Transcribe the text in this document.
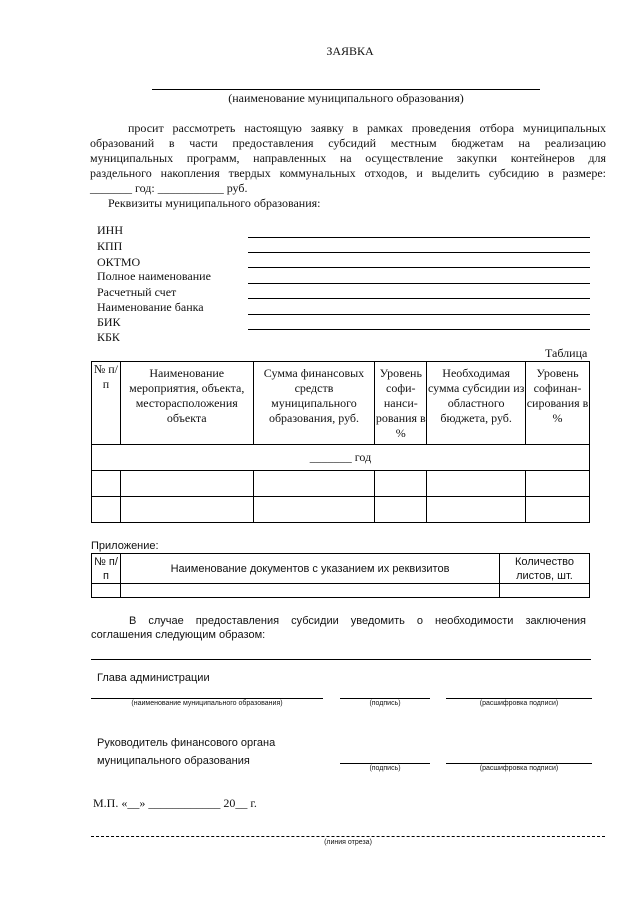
ЗАЯВКА
(наименование муниципального образования)
просит рассмотреть настоящую заявку в рамках проведения отбора муниципальных
образований в части предоставления субсидий местным бюджетам на реализацию
муниципальных программ, направленных на осуществление закупки контейнеров для
раздельного накопления твердых коммунальных отходов, и выделить субсидию в размере:
_______ год: ___________ руб.
Реквизиты муниципального образования:
ИНН
КПП
ОКТМО
Полное наименование
Расчетный счет
Наименование банка
БИК
КБК
Таблица
№ п/п	Наименование мероприятия, объекта, месторасположения объекта	Сумма финансовых средств муниципального образования, руб.	Уровень софи-нанси-рования в %	Необходимая сумма субсидии из областного бюджета, руб.	Уровень софинан-сирования в %
_______ год					

Приложение:
№ п/п	Наименование документов с указанием их реквизитов	Количество листов, шт.

В случае предоставления субсидии уведомить о необходимости заключения
соглашения следующим образом:
Глава администрации
(наименование муниципального образования)	(подпись)	(расшифровка подписи)
Руководитель финансового органа
муниципального образования
(подпись)	(расшифровка подписи)
М.П. «__» ____________ 20__ г.
(линия отреза)
